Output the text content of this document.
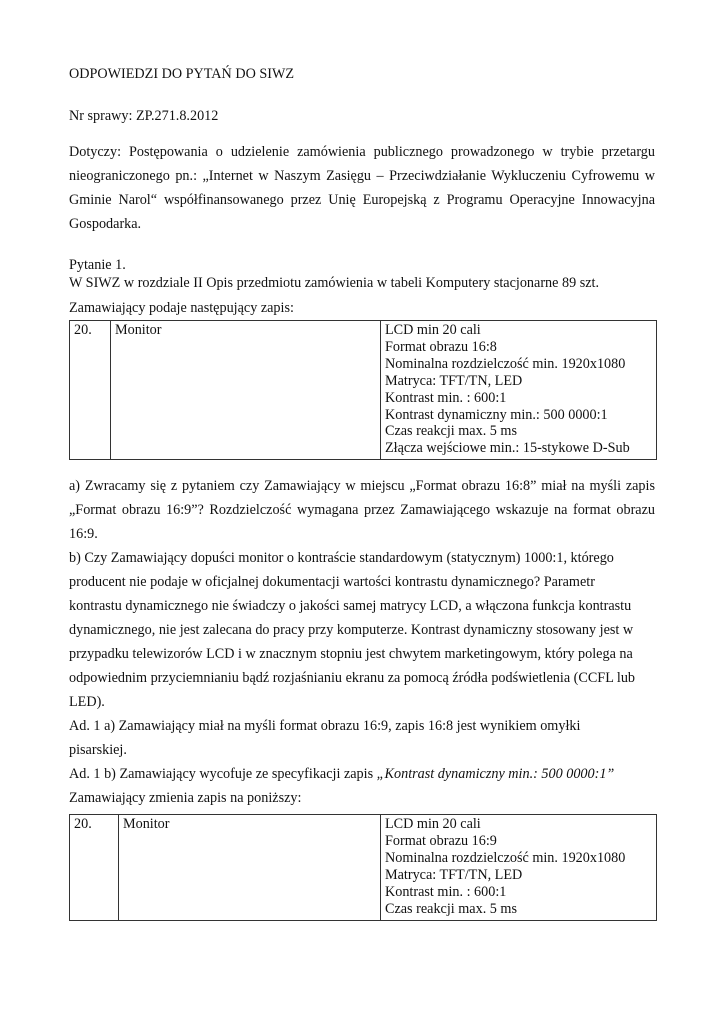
ODPOWIEDZI DO PYTAŃ DO SIWZ

Nr sprawy: ZP.271.8.2012

Dotyczy: Postępowania o udzielenie zamówienia publicznego prowadzonego w trybie przetargu nieograniczonego pn.: „Internet w Naszym Zasięgu – Przeciwdziałanie Wykluczeniu Cyfrowemu w Gminie Narol“ współfinansowanego przez Unię Europejską z Programu Operacyjne Innowacyjna Gospodarka.

Pytanie 1.

W SIWZ w rozdziale II Opis przedmiotu zamówienia w tabeli Komputery stacjonarne 89 szt.

Zamawiający podaje następujący zapis:

20.	Monitor	LCD min 20 cali
Format obrazu 16:8
Nominalna rozdzielczość min. 1920x1080
Matryca: TFT/TN, LED
Kontrast min. : 600:1
Kontrast dynamiczny min.: 500 0000:1
Czas reakcji max. 5 ms
Złącza wejściowe min.: 15-stykowe D-Sub

a) Zwracamy się z pytaniem czy Zamawiający w miejscu „Format obrazu 16:8” miał na myśli zapis „Format obrazu 16:9”? Rozdzielczość wymagana przez Zamawiającego wskazuje na format obrazu 16:9.

b) Czy Zamawiający dopuści monitor o kontraście standardowym (statycznym) 1000:1, którego

producent nie podaje w oficjalnej dokumentacji wartości kontrastu dynamicznego? Parametr

kontrastu dynamicznego nie świadczy o jakości samej matrycy LCD, a włączona funkcja kontrastu

dynamicznego, nie jest zalecana do pracy przy komputerze. Kontrast dynamiczny stosowany jest w

przypadku telewizorów LCD i w znacznym stopniu jest chwytem marketingowym, który polega na

odpowiednim przyciemnianiu bądź rozjaśnianiu ekranu za pomocą źródła podświetlenia (CCFL lub

LED).

Ad. 1 a) Zamawiający miał na myśli format obrazu 16:9, zapis 16:8 jest wynikiem omyłki

pisarskiej.

Ad. 1 b) Zamawiający wycofuje ze specyfikacji zapis „Kontrast dynamiczny min.: 500 0000:1”

Zamawiający zmienia zapis na poniższy:

20.	Monitor	LCD min 20 cali
Format obrazu 16:9
Nominalna rozdzielczość min. 1920x1080
Matryca: TFT/TN, LED
Kontrast min. : 600:1
Czas reakcji max. 5 ms
